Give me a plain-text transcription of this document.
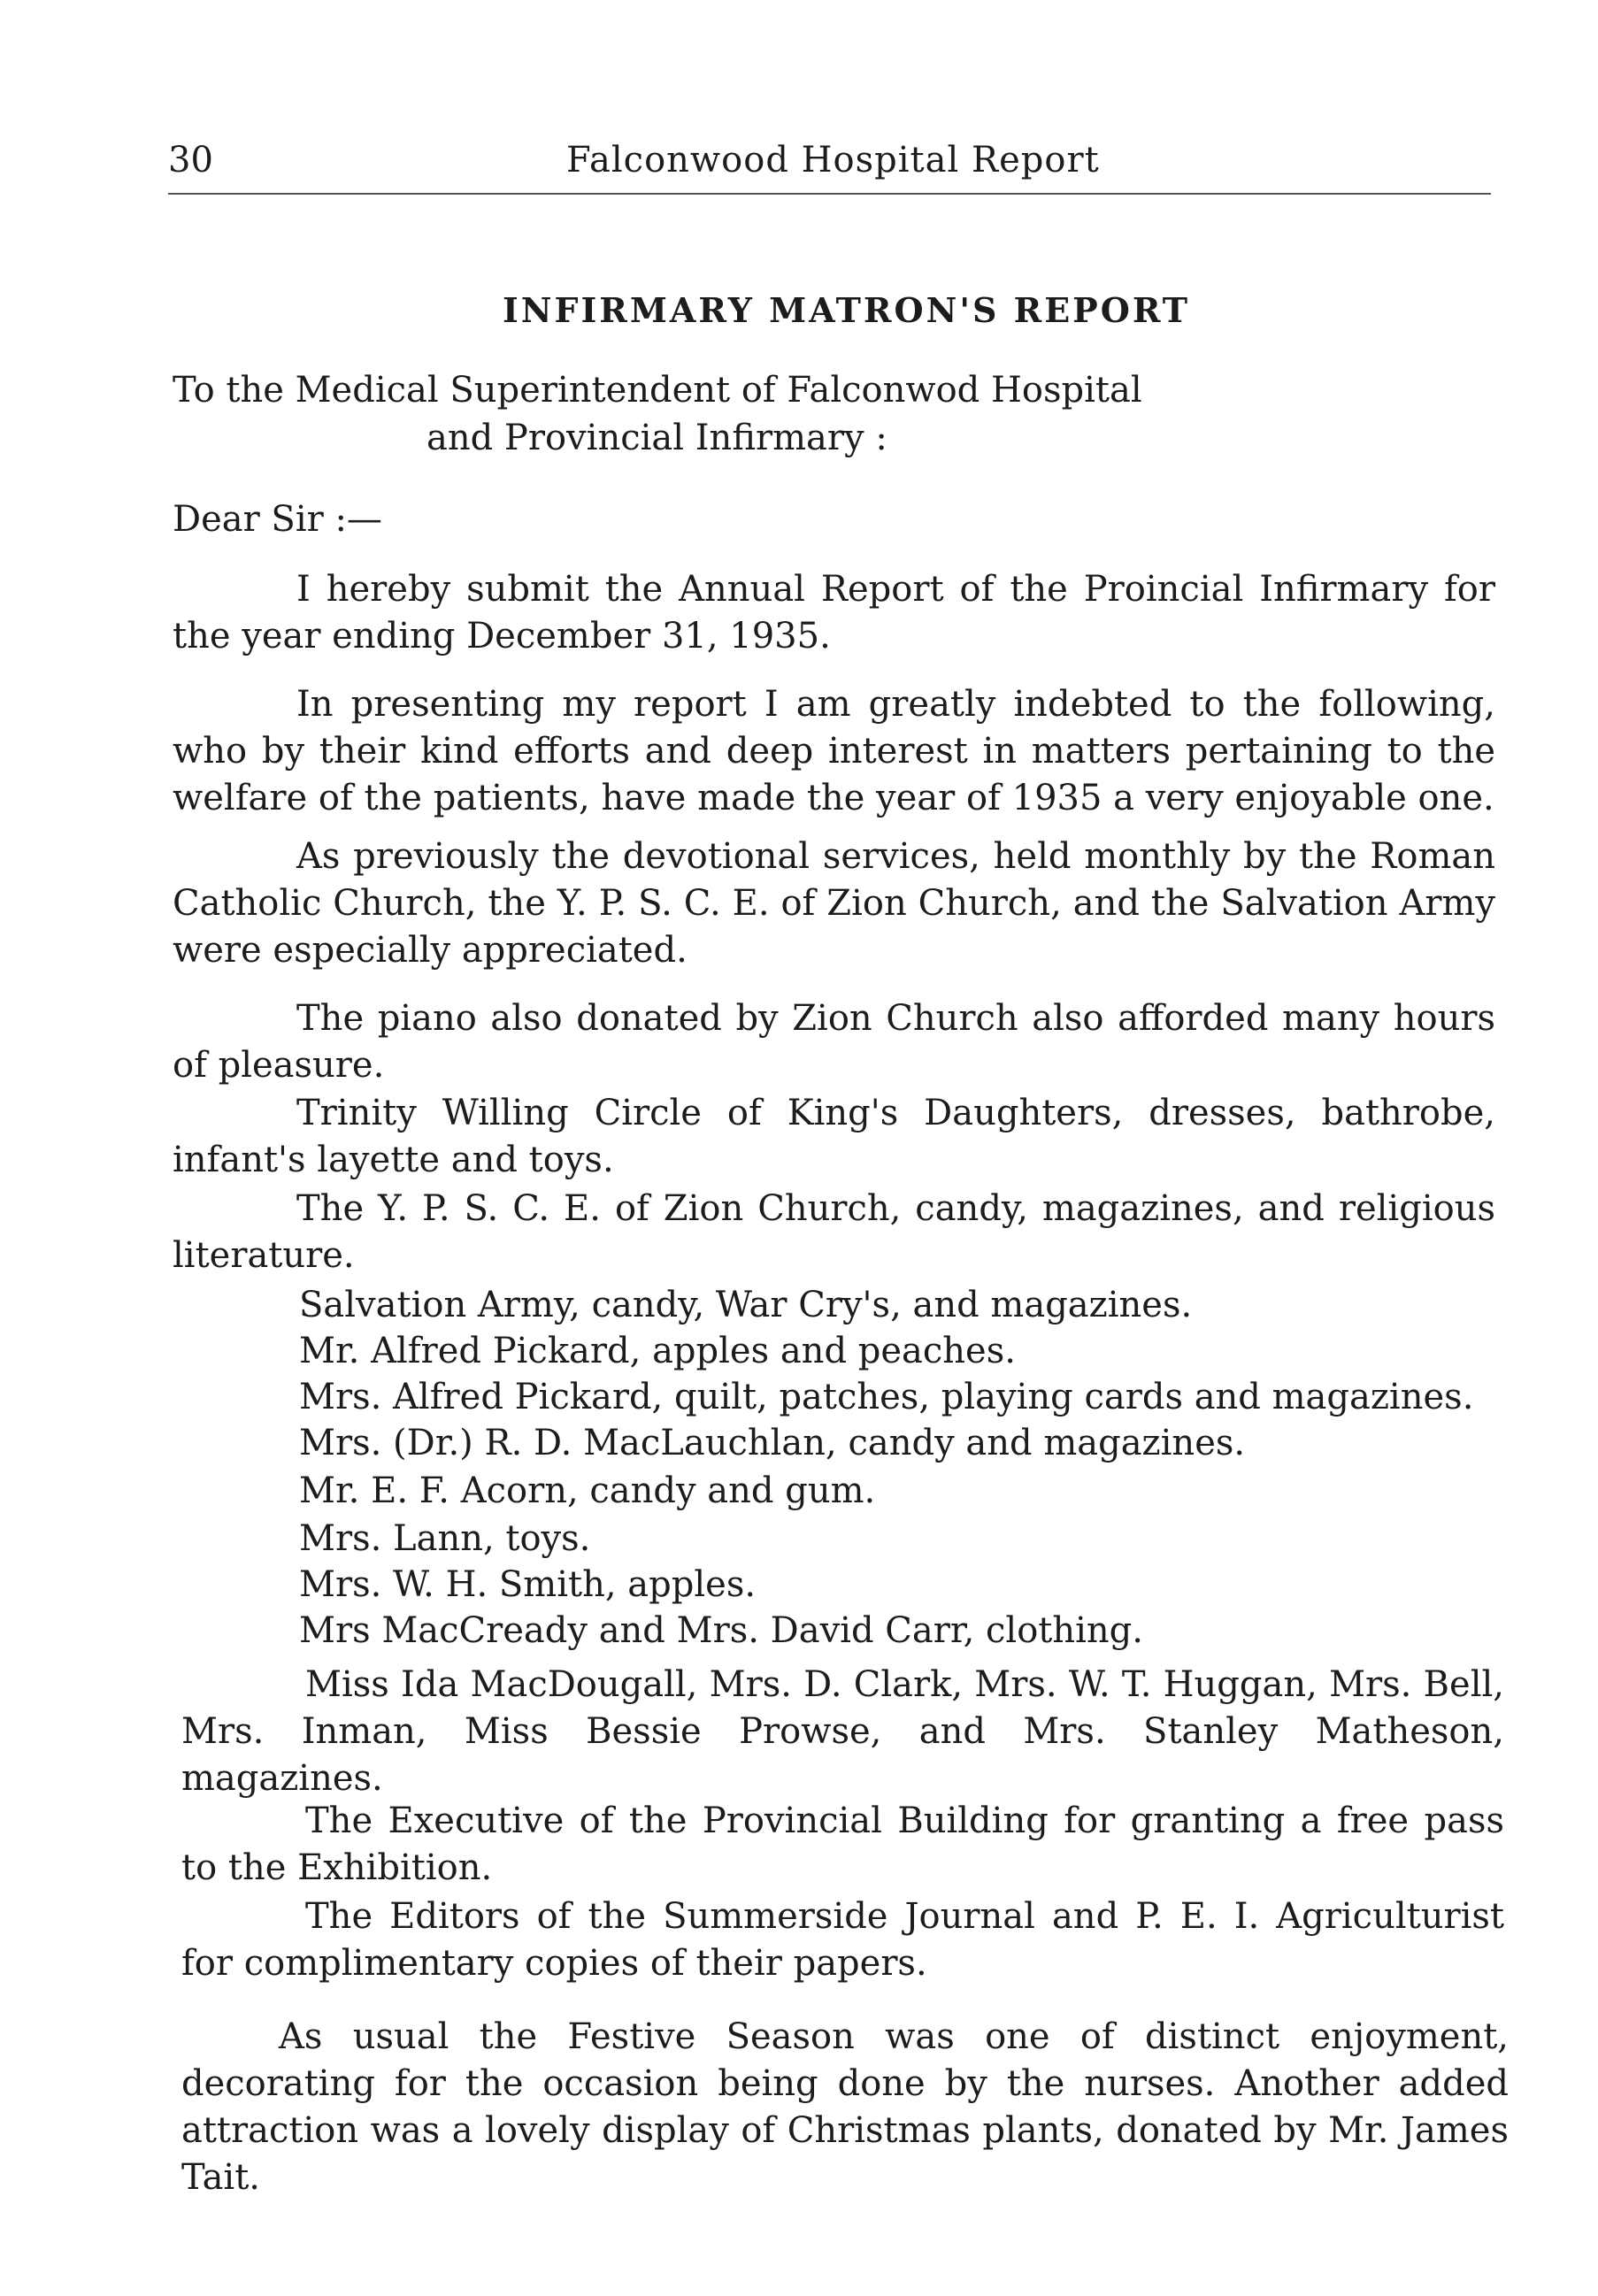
30	Falconwood Hospital Report
INFIRMARY MATRON'S REPORT
To the Medical Superintendent of Falconwod Hospital
and Provincial Infirmary :
Dear Sir :—
I hereby submit the Annual Report of the Proincial Infirmary for the year ending December 31, 1935.
In presenting my report I am greatly indebted to the following, who by their kind efforts and deep interest in matters pertaining to the welfare of the patients, have made the year of 1935 a very enjoyable one.
As previously the devotional services, held monthly by the Roman Catholic Church, the Y. P. S. C. E. of Zion Church, and the Salvation Army were especially appreciated.
The piano also donated by Zion Church also afforded many hours of pleasure.
Trinity Willing Circle of King's Daughters, dresses, bathrobe, infant's layette and toys.
The Y. P. S. C. E. of Zion Church, candy, magazines, and religious literature.
Salvation Army, candy, War Cry's, and magazines.
Mr. Alfred Pickard, apples and peaches.
Mrs. Alfred Pickard, quilt, patches, playing cards and magazines.
Mrs. (Dr.) R. D. MacLauchlan, candy and magazines.
Mr. E. F. Acorn, candy and gum.
Mrs. Lann, toys.
Mrs. W. H. Smith, apples.
Mrs MacCready and Mrs. David Carr, clothing.
Miss Ida MacDougall, Mrs. D. Clark, Mrs. W. T. Huggan, Mrs. Bell, Mrs. Inman, Miss Bessie Prowse, and Mrs. Stanley Matheson, magazines.
The Executive of the Provincial Building for granting a free pass to the Exhibition.
The Editors of the Summerside Journal and P. E. I. Agriculturist for complimentary copies of their papers.
As usual the Festive Season was one of distinct enjoyment, decorating for the occasion being done by the nurses. Another added attraction was a lovely display of Christmas plants, donated by Mr. James Tait.
